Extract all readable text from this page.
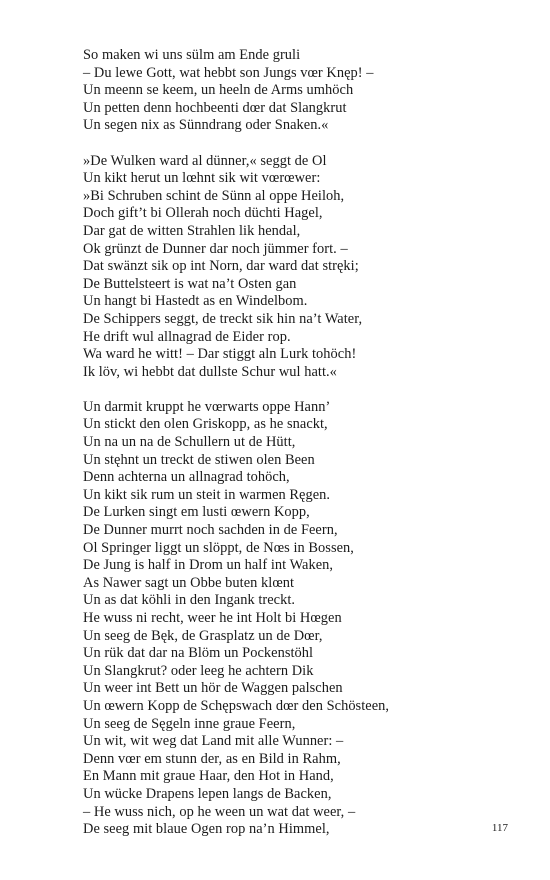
So maken wi uns sülm am Ende gruli
– Du lewe Gott, wat hebbt son Jungs vœr Knęp! –
Un meenn se keem, un heeln de Arms umhöch
Un petten denn hochbeenti dœr dat Slangkrut
Un segen nix as Sünndrang oder Snaken.«
»De Wulken ward al dünner,« seggt de Ol
Un kikt herut un lœhnt sik wit vœrœwer:
»Bi Schruben schint de Sünn al oppe Heiloh,
Doch gift’t bi Ollerah noch düchti Hagel,
Dar gat de witten Strahlen lik hendal,
Ok grünzt de Dunner dar noch jümmer fort. –
Dat swänzt sik op int Norn, dar ward dat stręki;
De Buttelsteert is wat na’t Osten gan
Un hangt bi Hastedt as en Windelbom.
De Schippers seggt, de treckt sik hin na’t Water,
He drift wul allnagrad de Eider rop.
Wa ward he witt! – Dar stiggt aln Lurk tohöch!
Ik löv, wi hebbt dat dullste Schur wul hatt.«
Un darmit kruppt he vœrwarts oppe Hann’
Un stickt den olen Griskopp, as he snackt,
Un na un na de Schullern ut de Hütt,
Un stęhnt un treckt de stiwen olen Been
Denn achterna un allnagrad tohöch,
Un kikt sik rum un steit in warmen Ręgen.
De Lurken singt em lusti œwern Kopp,
De Dunner murrt noch sachden in de Feern,
Ol Springer liggt un slöppt, de Nœs in Bossen,
De Jung is half in Drom un half int Waken,
As Nawer sagt un Obbe buten klœnt
Un as dat köhli in den Ingank treckt.
He wuss ni recht, weer he int Holt bi Hœgen
Un seeg de Bęk, de Grasplatz un de Dœr,
Un rük dat dar na Blöm un Pockenstöhl
Un Slangkrut? oder leeg he achtern Dik
Un weer int Bett un hör de Waggen palschen
Un œwern Kopp de Schępswach dœr den Schösteen,
Un seeg de Sęgeln inne graue Feern,
Un wit, wit weg dat Land mit alle Wunner: –
Denn vœr em stunn der, as en Bild in Rahm,
En Mann mit graue Haar, den Hot in Hand,
Un wücke Drapens lepen langs de Backen,
– He wuss nich, op he ween un wat dat weer, –
De seeg mit blaue Ogen rop na’n Himmel,	117
